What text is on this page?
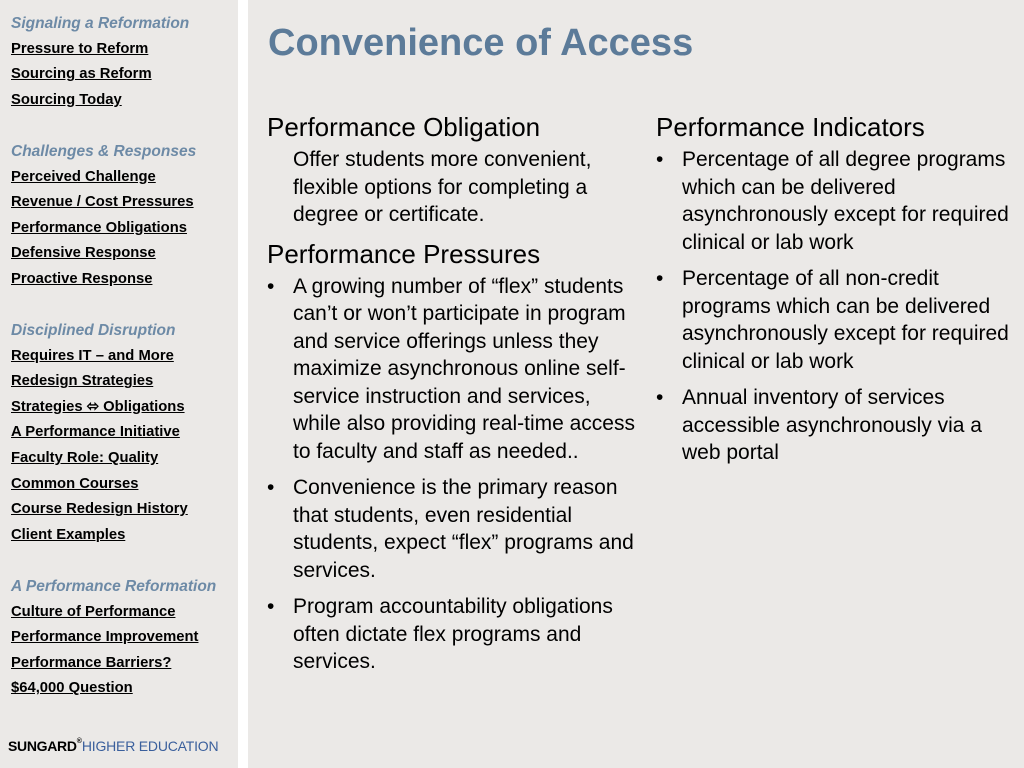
Signaling a Reformation
Pressure to Reform
Sourcing as Reform
Sourcing Today
Challenges & Responses
Perceived Challenge
Revenue / Cost Pressures
Performance Obligations
Defensive Response
Proactive Response
Disciplined Disruption
Requires IT – and More
Redesign Strategies
Strategies ⬄ Obligations
A Performance Initiative
Faculty Role: Quality
Common Courses
Course Redesign History
Client Examples
A Performance Reformation
Culture of Performance
Performance Improvement
Performance Barriers?
$64,000 Question
SUNGARD®HIGHER EDUCATION
Convenience of Access
Performance Obligation

Offer students more convenient, flexible options for completing a degree or certificate.

Performance Pressures
• A growing number of “flex” students can’t or won’t participate in program and service offerings unless they maximize asynchronous online self-service instruction and services, while also providing real-time access to faculty and staff as needed..
• Convenience is the primary reason that students, even residential students, expect “flex” programs and services.
• Program accountability obligations often dictate flex programs and services.
Performance Indicators
• Percentage of all degree programs which can be delivered asynchronously except for required clinical or lab work
• Percentage of all non-credit programs which can be delivered asynchronously except for required clinical or lab work
• Annual inventory of services accessible asynchronously via a web portal
